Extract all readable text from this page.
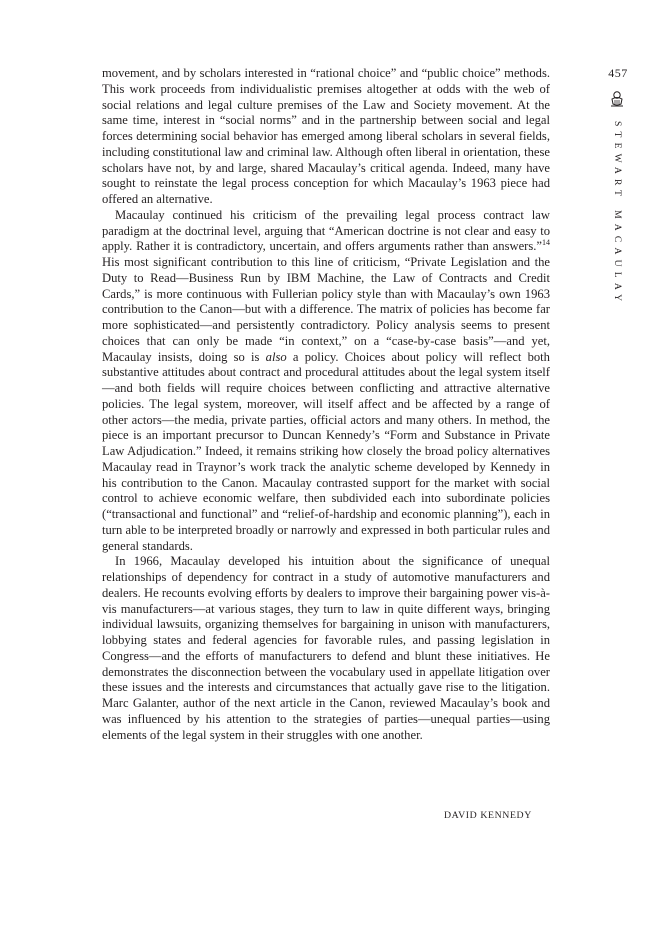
movement, and by scholars interested in “rational choice” and “public choice” methods. This work proceeds from individualistic premises altogether at odds with the web of social relations and legal culture premises of the Law and Society movement. At the same time, interest in “social norms” and in the partnership between social and legal forces determining social behavior has emerged among liberal scholars in several fields, including constitutional law and criminal law. Although often liberal in orientation, these scholars have not, by and large, shared Macaulay’s critical agenda. Indeed, many have sought to reinstate the legal process conception for which Macaulay’s 1963 piece had offered an alternative.

Macaulay continued his criticism of the prevailing legal process contract law paradigm at the doctrinal level, arguing that “American doctrine is not clear and easy to apply. Rather it is contradictory, uncertain, and offers arguments rather than answers.”$^{14}$ His most significant contribution to this line of criticism, “Private Legislation and the Duty to Read—Business Run by IBM Machine, the Law of Contracts and Credit Cards,” is more continuous with Fullerian policy style than with Macaulay’s own 1963 contribution to the Canon—but with a difference. The matrix of policies has become far more sophisticated—and persistently contradictory. Policy analysis seems to present choices that can only be made “in context,” on a “case-by-case basis”—and yet, Macaulay insists, doing so is also a policy. Choices about policy will reflect both substantive attitudes about contract and procedural attitudes about the legal system itself—and both fields will require choices between conflicting and attractive alternative policies. The legal system, moreover, will itself affect and be affected by a range of other actors—the media, private parties, official actors and many others. In method, the piece is an important precursor to Duncan Kennedy’s “Form and Substance in Private Law Adjudication.” Indeed, it remains striking how closely the broad policy alternatives Macaulay read in Traynor’s work track the analytic scheme developed by Kennedy in his contribution to the Canon. Macaulay contrasted support for the market with social control to achieve economic welfare, then subdivided each into subordinate policies (“transactional and functional” and “relief-of-hardship and economic planning”), each in turn able to be interpreted broadly or narrowly and expressed in both particular rules and general standards.

In 1966, Macaulay developed his intuition about the significance of unequal relationships of dependency for contract in a study of automotive manufacturers and dealers. He recounts evolving efforts by dealers to improve their bargaining power vis-à-vis manufacturers—at various stages, they turn to law in quite different ways, bringing individual lawsuits, organizing themselves for bargaining in unison with manufacturers, lobbying states and federal agencies for favorable rules, and passing legislation in Congress—and the efforts of manufacturers to defend and blunt these initiatives. He demonstrates the disconnection between the vocabulary used in appellate litigation over these issues and the interests and circumstances that actually gave rise to the litigation. Marc Galanter, author of the next article in the Canon, reviewed Macaulay’s book and was influenced by his attention to the strategies of parties—unequal parties—using elements of the legal system in their struggles with one another.

DAVID KENNEDY
457
STEWARTMACAULAY
